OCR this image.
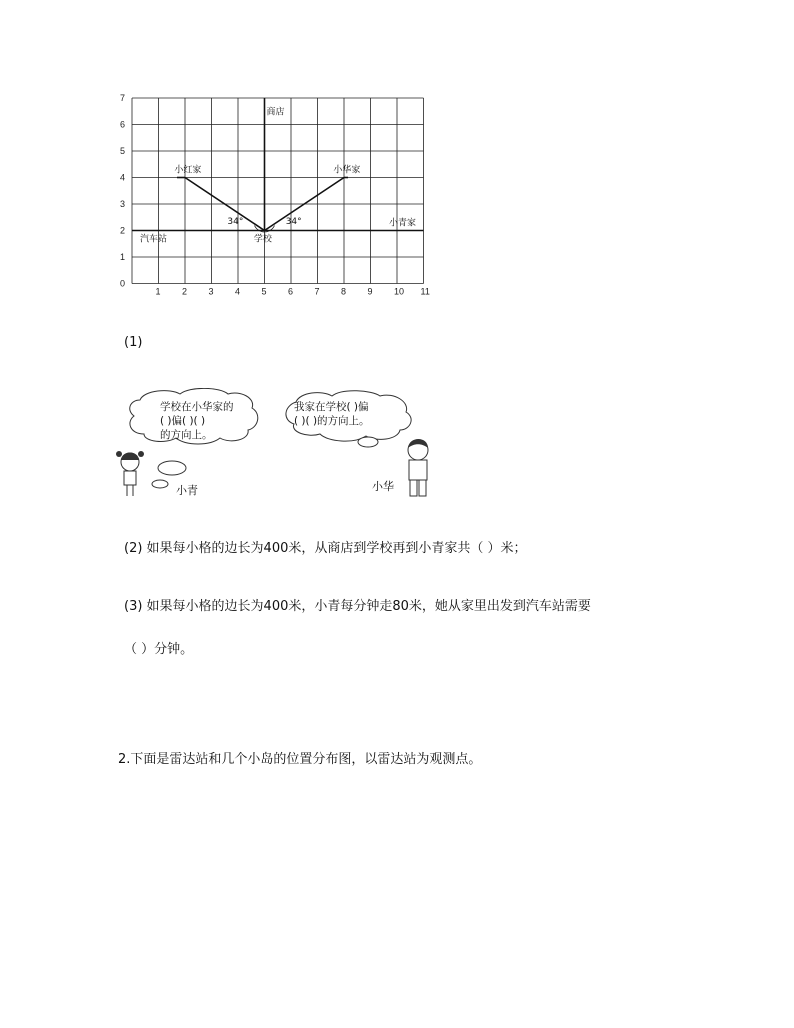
1 2 3 4 5 6 7 8 9 10 11
0
1
2
3
4
5
6
7
商店
小红家	小华家
汽车站	学校
小青家
34°	34°
(1)
学校在小华家的
( )偏( )( )
的方向上。
我家在学校( )偏
( )( )的方向上。
小青	小华
(2) 如果每小格的边长为400米，从商店到学校再到小青家共（ ）米；
(3) 如果每小格的边长为400米，小青每分钟走80米，她从家里出发到汽车站需要
（ ）分钟。
2.下面是雷达站和几个小岛的位置分布图，以雷达站为观测点。
